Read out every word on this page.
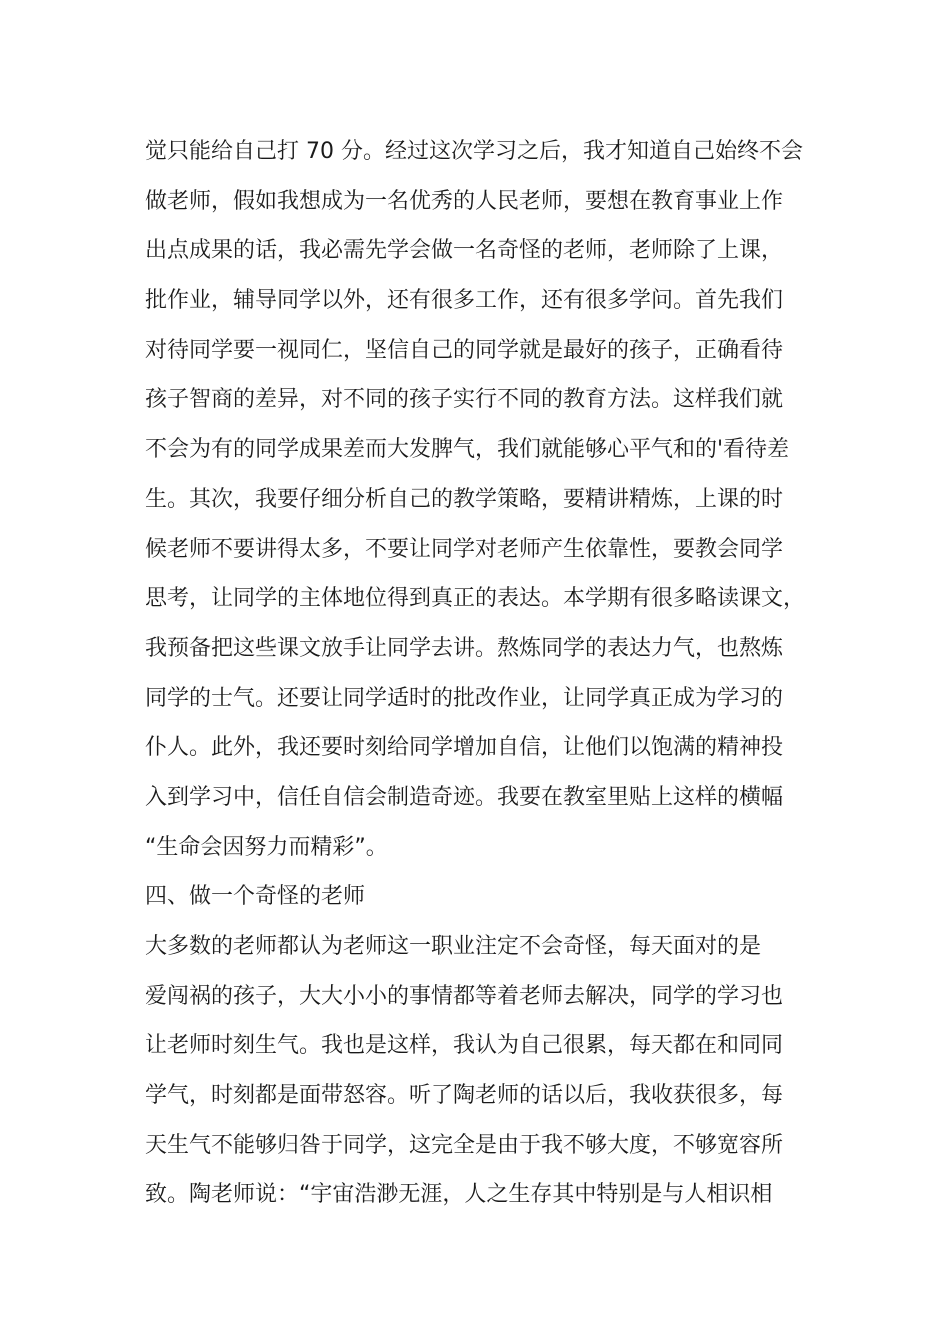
觉只能给自己打 70 分。经过这次学习之后，我才知道自己始终不会
做老师，假如我想成为一名优秀的人民老师，要想在教育事业上作
出点成果的话，我必需先学会做一名奇怪的老师，老师除了上课，
批作业，辅导同学以外，还有很多工作，还有很多学问。首先我们
对待同学要一视同仁，坚信自己的同学就是最好的孩子，正确看待
孩子智商的差异，对不同的孩子实行不同的教育方法。这样我们就
不会为有的同学成果差而大发脾气，我们就能够心平气和的'看待差
生。其次，我要仔细分析自己的教学策略，要精讲精炼，上课的时
候老师不要讲得太多，不要让同学对老师产生依靠性，要教会同学
思考，让同学的主体地位得到真正的表达。本学期有很多略读课文，
我预备把这些课文放手让同学去讲。熬炼同学的表达力气，也熬炼
同学的士气。还要让同学适时的批改作业，让同学真正成为学习的
仆人。此外，我还要时刻给同学增加自信，让他们以饱满的精神投
入到学习中，信任自信会制造奇迹。我要在教室里贴上这样的横幅
“生命会因努力而精彩”。
四、做一个奇怪的老师
大多数的老师都认为老师这一职业注定不会奇怪，每天面对的是
爱闯祸的孩子，大大小小的事情都等着老师去解决，同学的学习也
让老师时刻生气。我也是这样，我认为自己很累，每天都在和同同
学气，时刻都是面带怒容。听了陶老师的话以后，我收获很多，每
天生气不能够归咎于同学，这完全是由于我不够大度，不够宽容所
致。陶老师说：“宇宙浩渺无涯，人之生存其中特别是与人相识相
